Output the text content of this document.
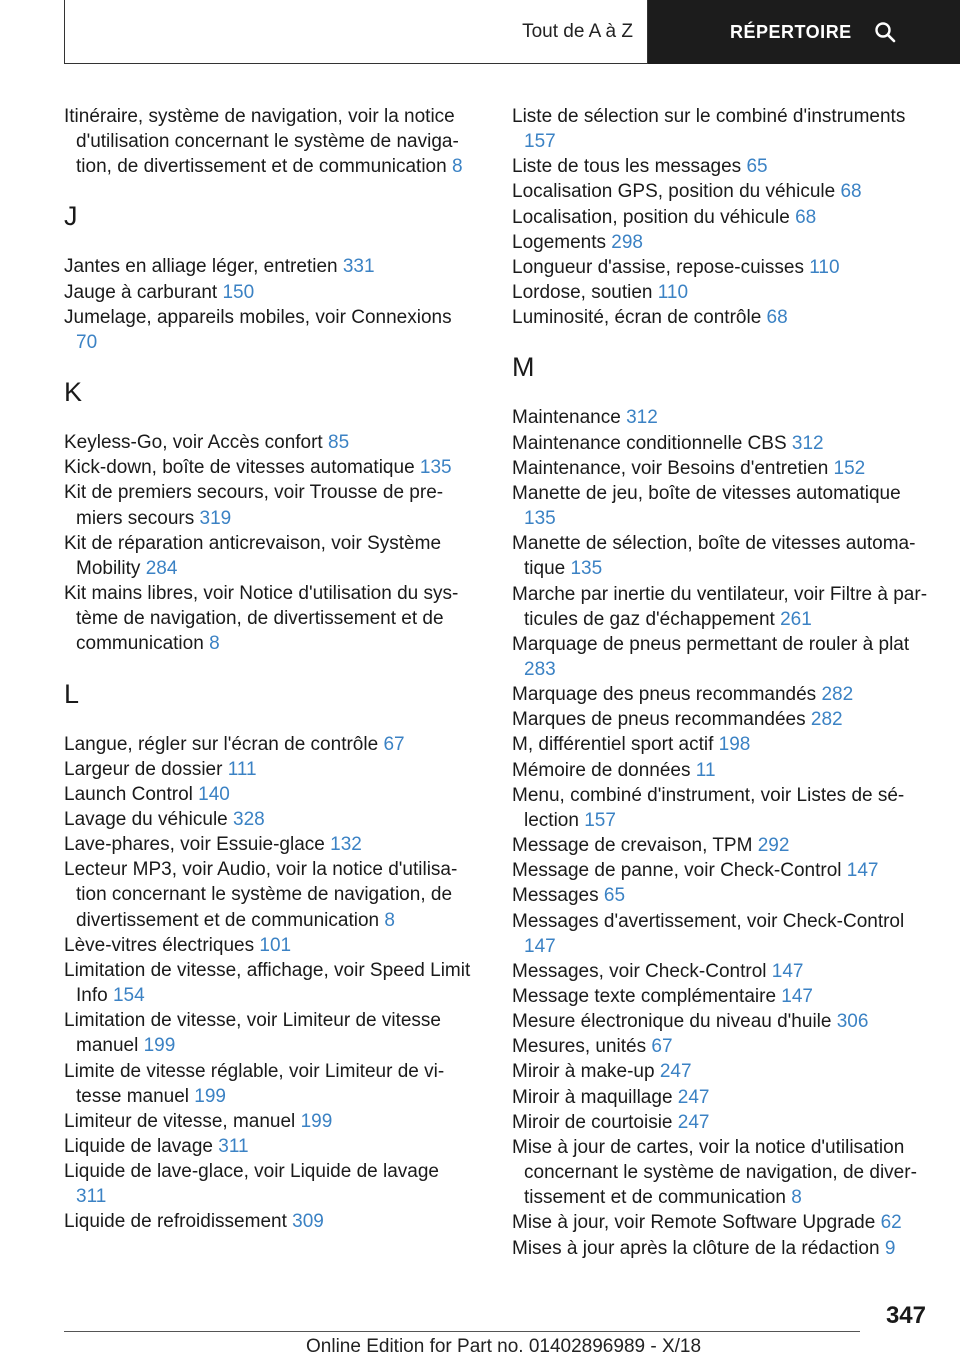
Tout de A à Z	RÉPERTOIRE
Itinéraire, système de navigation, voir la notice d'utilisation concernant le système de navigation, de divertissement et de communication 8
J
Jantes en alliage léger, entretien 331
Jauge à carburant 150
Jumelage, appareils mobiles, voir Connexions 70
K
Keyless-Go, voir Accès confort 85
Kick-down, boîte de vitesses automatique 135
Kit de premiers secours, voir Trousse de premiers secours 319
Kit de réparation anticrevaison, voir Système Mobility 284
Kit mains libres, voir Notice d'utilisation du système de navigation, de divertissement et de communication 8
L
Langue, régler sur l'écran de contrôle 67
Largeur de dossier 111
Launch Control 140
Lavage du véhicule 328
Lave-phares, voir Essuie-glace 132
Lecteur MP3, voir Audio, voir la notice d'utilisation concernant le système de navigation, de divertissement et de communication 8
Lève-vitres électriques 101
Limitation de vitesse, affichage, voir Speed Limit Info 154
Limitation de vitesse, voir Limiteur de vitesse manuel 199
Limite de vitesse réglable, voir Limiteur de vitesse manuel 199
Limiteur de vitesse, manuel 199
Liquide de lavage 311
Liquide de lave-glace, voir Liquide de lavage 311
Liquide de refroidissement 309
Liste de sélection sur le combiné d'instruments 157
Liste de tous les messages 65
Localisation GPS, position du véhicule 68
Localisation, position du véhicule 68
Logements 298
Longueur d'assise, repose-cuisses 110
Lordose, soutien 110
Luminosité, écran de contrôle 68
M
Maintenance 312
Maintenance conditionnelle CBS 312
Maintenance, voir Besoins d'entretien 152
Manette de jeu, boîte de vitesses automatique 135
Manette de sélection, boîte de vitesses automatique 135
Marche par inertie du ventilateur, voir Filtre à particules de gaz d'échappement 261
Marquage de pneus permettant de rouler à plat 283
Marquage des pneus recommandés 282
Marques de pneus recommandées 282
M, différentiel sport actif 198
Mémoire de données 11
Menu, combiné d'instrument, voir Listes de sélection 157
Message de crevaison, TPM 292
Message de panne, voir Check-Control 147
Messages 65
Messages d'avertissement, voir Check-Control 147
Messages, voir Check-Control 147
Message texte complémentaire 147
Mesure électronique du niveau d'huile 306
Mesures, unités 67
Miroir à make-up 247
Miroir à maquillage 247
Miroir de courtoisie 247
Mise à jour de cartes, voir la notice d'utilisation concernant le système de navigation, de divertissement et de communication 8
Mise à jour, voir Remote Software Upgrade 62
Mises à jour après la clôture de la rédaction 9
347
Online Edition for Part no. 01402896989 - X/18
